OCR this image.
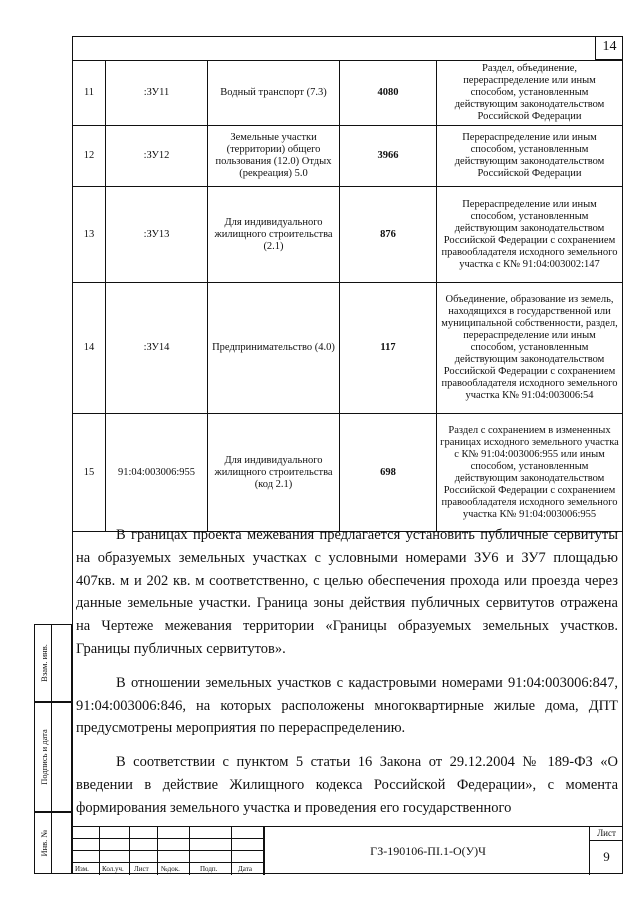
14
11	:ЗУ11	Водный транспорт (7.3)	4080	Раздел, объединение, перераспределение или иным способом, установленным действующим законодательством Российской Федерации
12	:ЗУ12	Земельные участки (территории) общего пользования (12.0) Отдых (рекреация) 5.0	3966	Перераспределение или иным способом, установленным действующим законодательством Российской Федерации
13	:ЗУ13	Для индивидуального жилищного строительства (2.1)	876	Перераспределение или иным способом, установленным действующим законодательством Российской Федерации с сохранением правообладателя исходного земельного участка с К№ 91:04:003002:147
14	:ЗУ14	Предпринимательство (4.0)	117	Объединение, образование из земель, находящихся в государственной или муниципальной собственности, раздел, перераспределение или иным способом, установленным действующим законодательством Российской Федерации с сохранением правообладателя исходного земельного участка К№ 91:04:003006:54
15	91:04:003006:955	Для индивидуального жилищного строительства (код 2.1)	698	Раздел с сохранением в измененных границах исходного земельного участка с К№ 91:04:003006:955 или иным способом, установленным действующим законодательством Российской Федерации с сохранением правообладателя исходного земельного участка К№ 91:04:003006:955

В границах проекта межевания предлагается установить публичные сервитуты на образуемых земельных участках с условными номерами ЗУ6 и ЗУ7 площадью 407кв. м и 202 кв. м соответственно, с целью обеспечения прохода или проезда через данные земельные участки. Граница зоны действия публичных сервитутов отражена на Чертеже межевания территории «Границы образуемых земельных участков. Границы публичных сервитутов».

В отношении земельных участков с кадастровыми номерами 91:04:003006:847, 91:04:003006:846, на которых расположены многоквартирные жилые дома, ДПТ предусмотрены мероприятия по перераспределению.

В соответствии с пунктом 5 статьи 16 Закона от 29.12.2004 № 189-ФЗ «О введении в действие Жилищного кодекса Российской Федерации», с момента формирования земельного участка и проведения его государственного

Взам. инв.
Подпись и дата
Инв. №
Изм. Кол.уч. Лист №док.	Подп.	Дата
ГЗ-190106-ПІ.1-О(У)Ч
Лист
9
